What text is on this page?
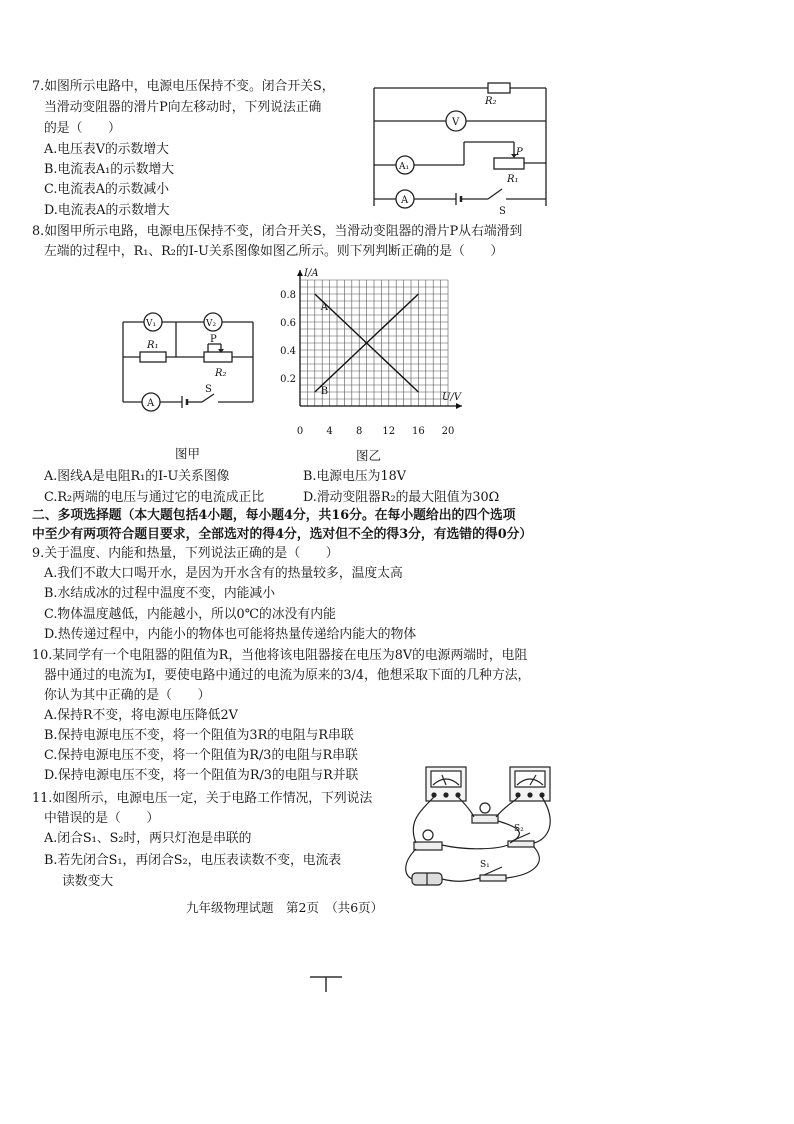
7.如图所示电路中，电源电压保持不变。闭合开关S，
当滑动变阻器的滑片P向左移动时，下列说法正确
的是（　　）
A.电压表V的示数增大
B.电流表A₁的示数增大
C.电流表A的示数减小
D.电流表A的示数增大
R₂
V
A₁
P
R₁
A
S
8.如图甲所示电路，电源电压保持不变，闭合开关S，当滑动变阻器的滑片P从右端滑到
左端的过程中，R₁、R₂的I-U关系图像如图乙所示。则下列判断正确的是（　　）
V₁	V₂
R₁
P
R₂
A
S
图甲
A
B
0 4 8 12 16 20
0.8
0.6
0.4
0.2
I/A
U/V
图乙
A.图线A是电阻R₁的I-U关系图像	B.电源电压为18V
C.R₂两端的电压与通过它的电流成正比	D.滑动变阻器R₂的最大阻值为30Ω
二、多项选择题（本大题包括4小题，每小题4分，共16分。在每小题给出的四个选项
中至少有两项符合题目要求，全部选对的得4分，选对但不全的得3分，有选错的得0分）
9.关于温度、内能和热量，下列说法正确的是（　　）
A.我们不敢大口喝开水，是因为开水含有的热量较多，温度太高
B.水结成冰的过程中温度不变，内能减小
C.物体温度越低，内能越小，所以0℃的冰没有内能
D.热传递过程中，内能小的物体也可能将热量传递给内能大的物体
10.某同学有一个电阻器的阻值为R，当他将该电阻器接在电压为8V的电源两端时，电阻
器中通过的电流为I，要使电路中通过的电流为原来的3/4，他想采取下面的几种方法，
你认为其中正确的是（　　）
A.保持R不变，将电源电压降低2V
B.保持电源电压不变，将一个阻值为3R的电阻与R串联
C.保持电源电压不变，将一个阻值为R/3的电阻与R串联
D.保持电源电压不变，将一个阻值为R/3的电阻与R并联
11.如图所示，电源电压一定，关于电路工作情况，下列说法
中错误的是（　　）
A.闭合S₁、S₂时，两只灯泡是串联的
B.若先闭合S₁，再闭合S₂，电压表读数不变，电流表
读数变大
S₂
S₁
九年级物理试题　第2页　（共6页）
